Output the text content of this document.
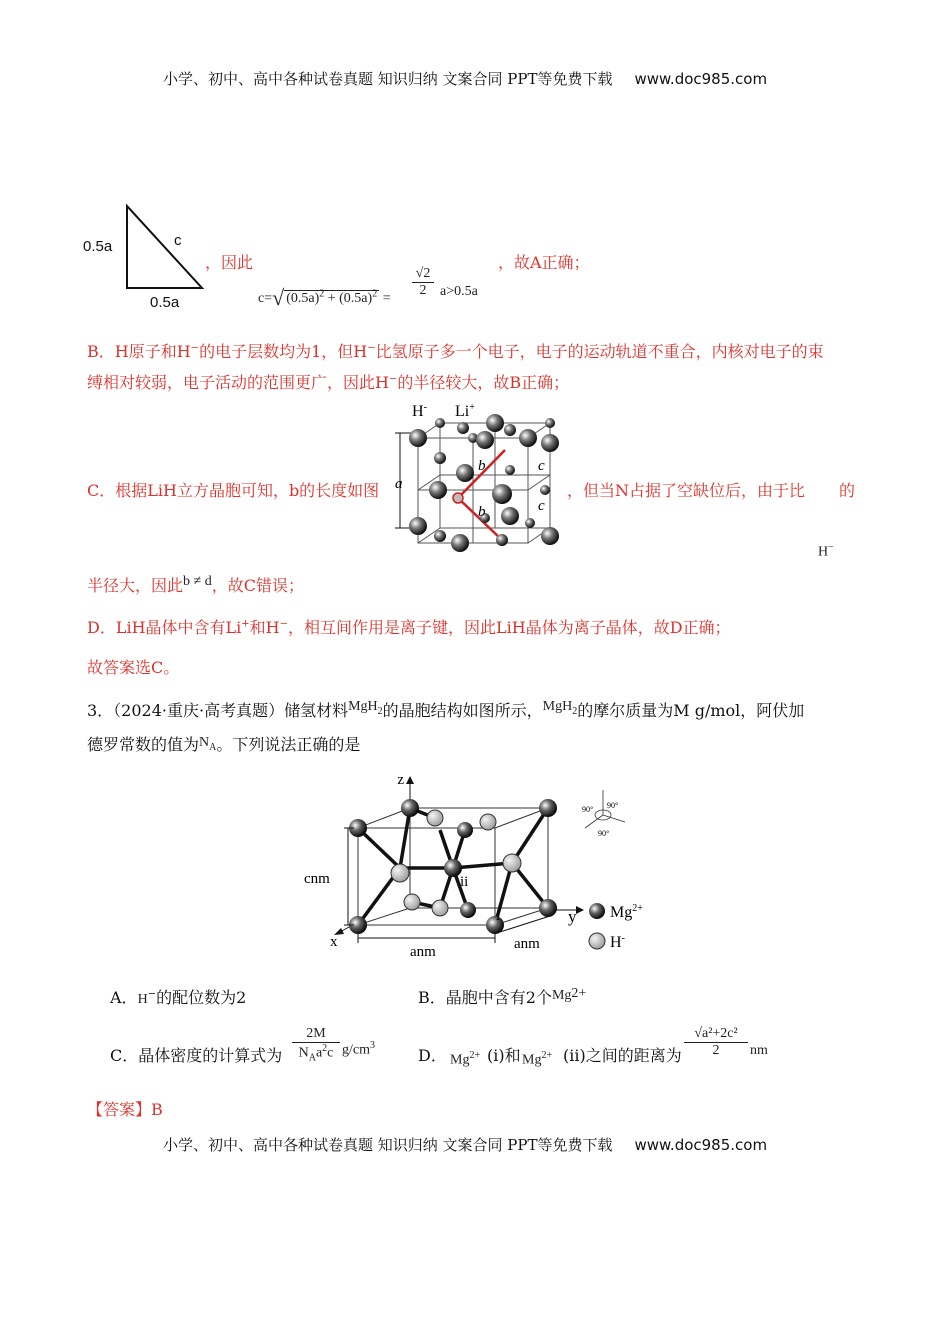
小学、初中、高中各种试卷真题 知识归纳 文案合同 PPT等免费下载 www.doc985.com
0.5a
0.5a
c
，因此
c=√ $(0.5a)^2 + (0.5a)^2$ =
√2
2 a>0.5a
，故A正确；
B．H原子和H−的电子层数均为1，但H−比氢原子多一个电子，电子的运动轨道不重合，内核对电子的束
缚相对较弱，电子活动的范围更广，因此H−的半径较大，故B正确；
H- Li+
a
b
b
c
c
C．根据LiH立方晶胞可知，b的长度如图	，但当N占据了空缺位后，由于比 的
H−
半径大，因此b ≠ d，故C错误；
D．LiH晶体中含有Li+和H−，相互间作用是离子键，因此LiH晶体为离子晶体，故D正确；
故答案选C。
3．（2024·重庆·高考真题）储氢材料MgH$_2$的晶胞结构如图所示，MgH$_2$的摩尔质量为M g/mol，阿伏加
德罗常数的值为$N_A$。下列说法正确的是
z
x
y
cnm
anm	anm
ii
i	$Mg^{2+}$
H-
90° 90°
90°
A．H−的配位数为2	B．晶胞中含有2个$Mg^{2+}$
C．晶体密度的计算式为
2M
$N_Aa^2c$ $g/cm^3$
D． $Mg^{2+}$ (i)和 $Mg^{2+}$ (ii)之间的距离为 $\frac{\text{√a²+2c²}}{2}$ nm
【答案】B
小学、初中、高中各种试卷真题 知识归纳 文案合同 PPT等免费下载 www.doc985.com
